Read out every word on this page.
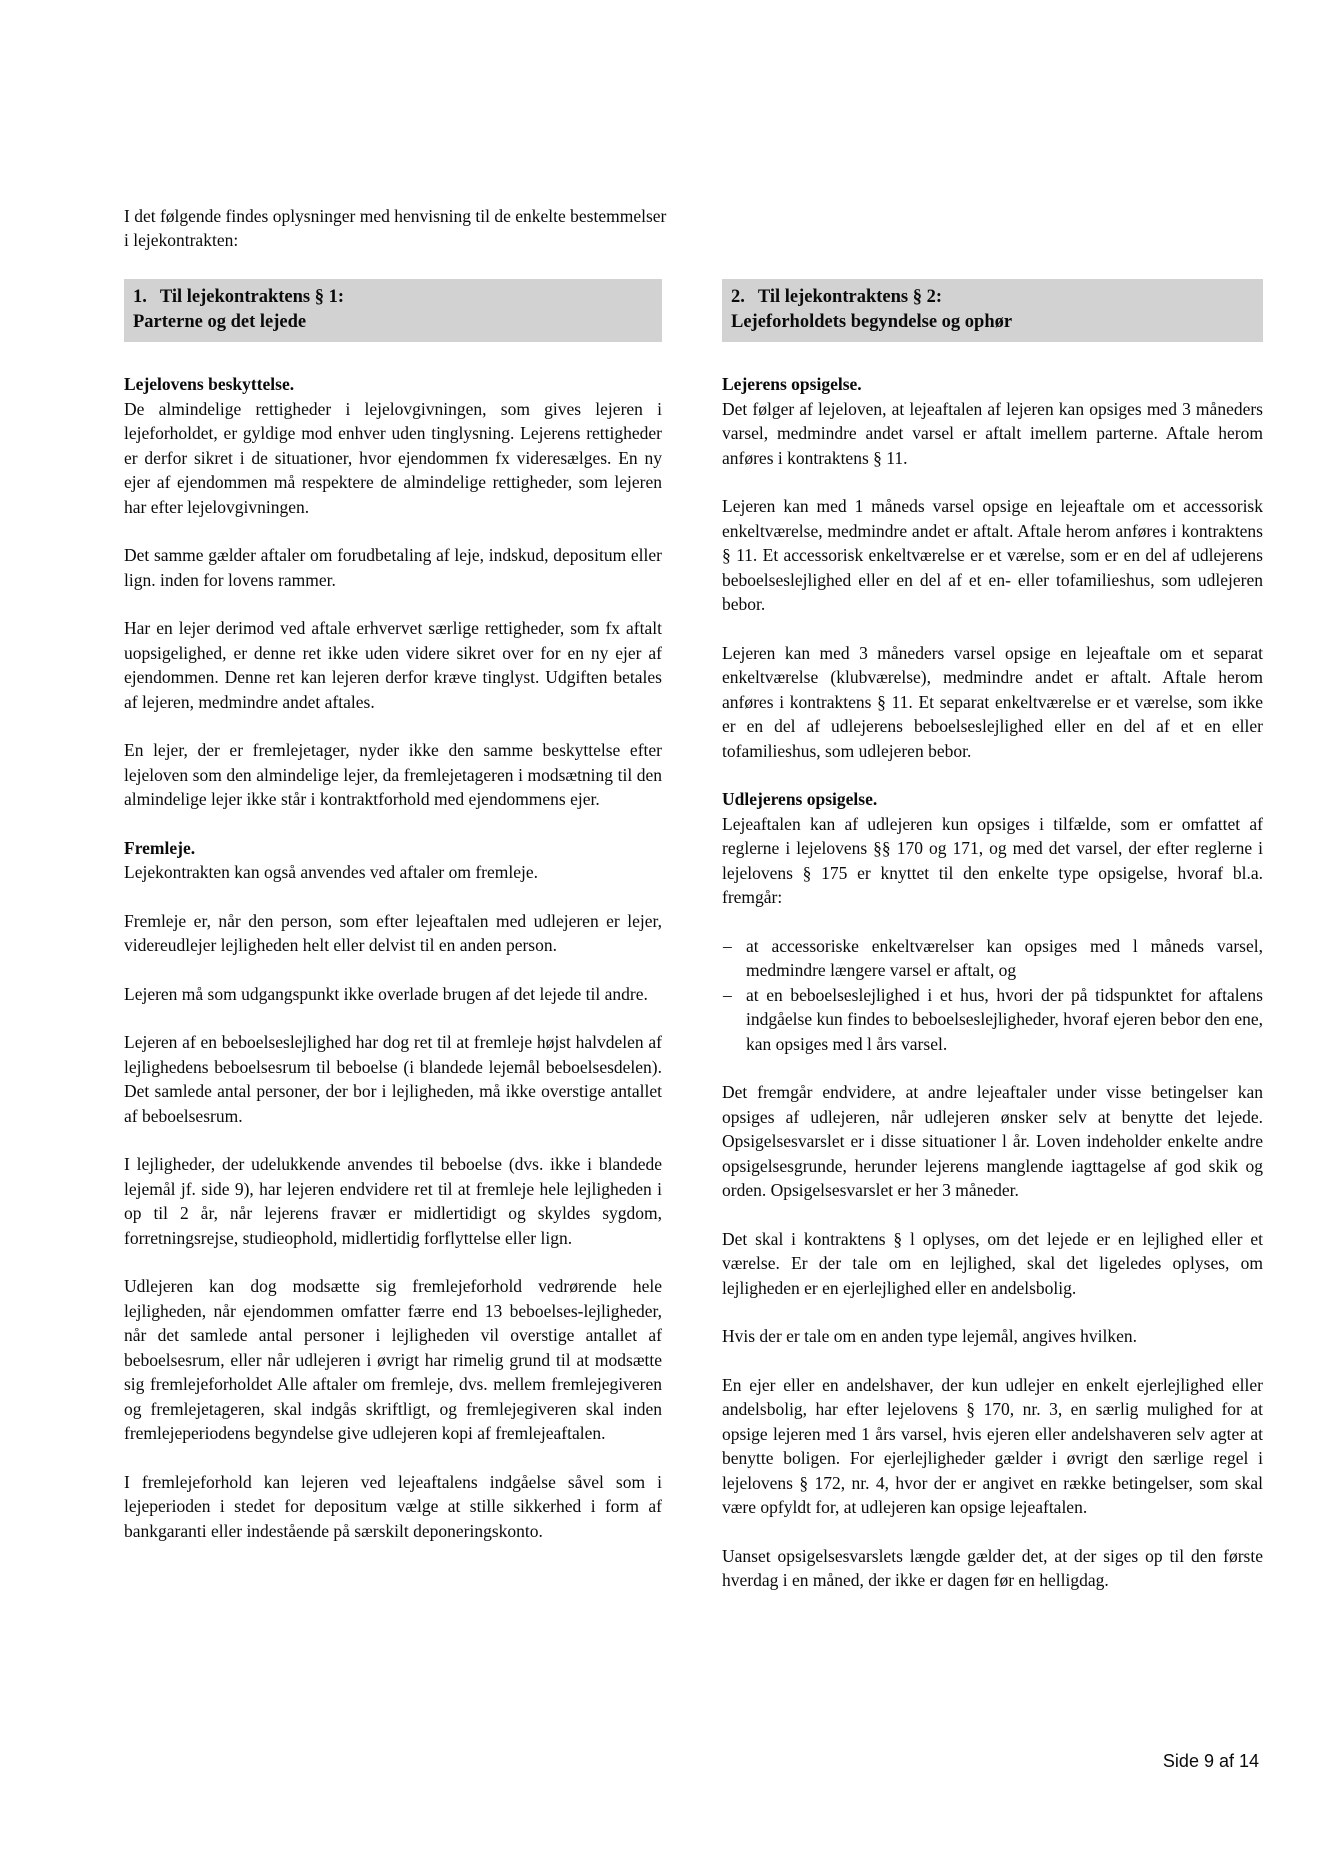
I det følgende findes oplysninger med henvisning til de enkelte bestemmelser i lejekontrakten:

1. Til lejekontraktens § 1:
Parterne og det lejede

Lejelovens beskyttelse.

De almindelige rettigheder i lejelovgivningen, som gives lejeren i lejeforholdet, er gyldige mod enhver uden tinglysning. Lejerens rettigheder er derfor sikret i de situationer, hvor ejendommen fx videresælges. En ny ejer af ejendommen må respektere de almindelige rettigheder, som lejeren har efter lejelovgivningen.

Det samme gælder aftaler om forudbetaling af leje, indskud, depositum eller lign. inden for lovens rammer.

Har en lejer derimod ved aftale erhvervet særlige rettigheder, som fx aftalt uopsigelighed, er denne ret ikke uden videre sikret over for en ny ejer af ejendommen. Denne ret kan lejeren derfor kræve tinglyst. Udgiften betales af lejeren, medmindre andet aftales.

En lejer, der er fremlejetager, nyder ikke den samme beskyttelse efter lejeloven som den almindelige lejer, da fremlejetageren i modsætning til den almindelige lejer ikke står i kontraktforhold med ejendommens ejer.

Fremleje.

Lejekontrakten kan også anvendes ved aftaler om fremleje.

Fremleje er, når den person, som efter lejeaftalen med udlejeren er lejer, videreudlejer lejligheden helt eller delvist til en anden person.

Lejeren må som udgangspunkt ikke overlade brugen af det lejede til andre.

Lejeren af en beboelseslejlighed har dog ret til at fremleje højst halvdelen af lejlighedens beboelsesrum til beboelse (i blandede lejemål beboelsesdelen). Det samlede antal personer, der bor i lejligheden, må ikke overstige antallet af beboelsesrum.

I lejligheder, der udelukkende anvendes til beboelse (dvs. ikke i blandede lejemål jf. side 9), har lejeren endvidere ret til at fremleje hele lejligheden i op til 2 år, når lejerens fravær er midlertidigt og skyldes sygdom, forretningsrejse, studieophold, midlertidig forflyttelse eller lign.

Udlejeren kan dog modsætte sig fremlejeforhold vedrørende hele lejligheden, når ejendommen omfatter færre end 13 beboelses-lejligheder, når det samlede antal personer i lejligheden vil overstige antallet af beboelsesrum, eller når udlejeren i øvrigt har rimelig grund til at modsætte sig fremlejeforholdet Alle aftaler om fremleje, dvs. mellem fremlejegiveren og fremlejetageren, skal indgås skriftligt, og fremlejegiveren skal inden fremlejeperiodens begyndelse give udlejeren kopi af fremlejeaftalen.

I fremlejeforhold kan lejeren ved lejeaftalens indgåelse såvel som i lejeperioden i stedet for depositum vælge at stille sikkerhed i form af bankgaranti eller indestående på særskilt deponeringskonto.

2. Til lejekontraktens § 2:
Lejeforholdets begyndelse og ophør

Lejerens opsigelse.

Det følger af lejeloven, at lejeaftalen af lejeren kan opsiges med 3 måneders varsel, medmindre andet varsel er aftalt imellem parterne. Aftale herom anføres i kontraktens § 11.

Lejeren kan med 1 måneds varsel opsige en lejeaftale om et accessorisk enkeltværelse, medmindre andet er aftalt. Aftale herom anføres i kontraktens § 11. Et accessorisk enkeltværelse er et værelse, som er en del af udlejerens beboelseslejlighed eller en del af et en- eller tofamilieshus, som udlejeren bebor.

Lejeren kan med 3 måneders varsel opsige en lejeaftale om et separat enkeltværelse (klubværelse), medmindre andet er aftalt. Aftale herom anføres i kontraktens § 11. Et separat enkeltværelse er et værelse, som ikke er en del af udlejerens beboelseslejlighed eller en del af et en eller tofamilieshus, som udlejeren bebor.

Udlejerens opsigelse.

Lejeaftalen kan af udlejeren kun opsiges i tilfælde, som er omfattet af reglerne i lejelovens §§ 170 og 171, og med det varsel, der efter reglerne i lejelovens § 175 er knyttet til den enkelte type opsigelse, hvoraf bl.a. fremgår:

– at accessoriske enkeltværelser kan opsiges med l måneds varsel, medmindre længere varsel er aftalt, og
– at en beboelseslejlighed i et hus, hvori der på tidspunktet for aftalens indgåelse kun findes to beboelseslejligheder, hvoraf ejeren bebor den ene, kan opsiges med l års varsel.

Det fremgår endvidere, at andre lejeaftaler under visse betingelser kan opsiges af udlejeren, når udlejeren ønsker selv at benytte det lejede. Opsigelsesvarslet er i disse situationer l år. Loven indeholder enkelte andre opsigelsesgrunde, herunder lejerens manglende iagttagelse af god skik og orden. Opsigelsesvarslet er her 3 måneder.

Det skal i kontraktens § l oplyses, om det lejede er en lejlighed eller et værelse. Er der tale om en lejlighed, skal det ligeledes oplyses, om lejligheden er en ejerlejlighed eller en andelsbolig.

Hvis der er tale om en anden type lejemål, angives hvilken.

En ejer eller en andelshaver, der kun udlejer en enkelt ejerlejlighed eller andelsbolig, har efter lejelovens § 170, nr. 3, en særlig mulighed for at opsige lejeren med 1 års varsel, hvis ejeren eller andelshaveren selv agter at benytte boligen. For ejerlejligheder gælder i øvrigt den særlige regel i lejelovens § 172, nr. 4, hvor der er angivet en række betingelser, som skal være opfyldt for, at udlejeren kan opsige lejeaftalen.

Uanset opsigelsesvarslets længde gælder det, at der siges op til den første hverdag i en måned, der ikke er dagen før en helligdag.

Side 9 af 14
